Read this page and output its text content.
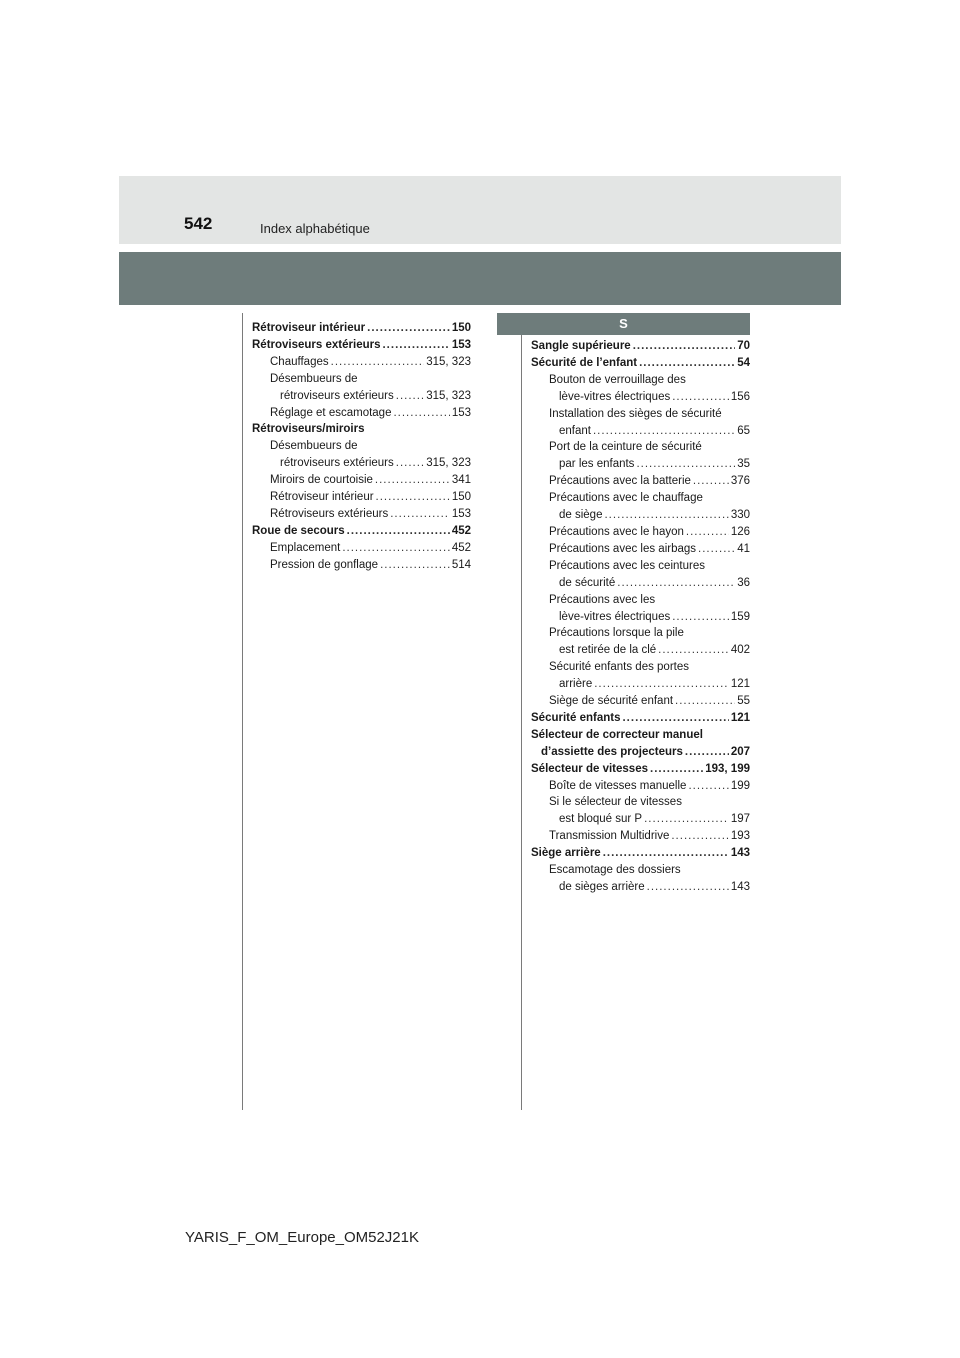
542	Index alphabétique
S
Rétroviseur intérieur .....	150
Rétroviseurs extérieurs .....	153
Chauffages .....	315, 323
Désembueurs de
rétroviseurs extérieurs .....	315, 323
Réglage et escamotage .....	153
Rétroviseurs/miroirs
Désembueurs de
rétroviseurs extérieurs .....	315, 323
Miroirs de courtoisie .....	341
Rétroviseur intérieur .....	150
Rétroviseurs extérieurs .....	153
Roue de secours .....	452
Emplacement .....	452
Pression de gonflage .....	514
Sangle supérieure .....	70
Sécurité de l’enfant .....	54
Bouton de verrouillage des
lève-vitres électriques .....	156
Installation des sièges de sécurité
enfant .....	65
Port de la ceinture de sécurité
par les enfants .....	35
Précautions avec la batterie .....	376
Précautions avec le chauffage
de siège .....	330
Précautions avec le hayon .....	126
Précautions avec les airbags .....	41
Précautions avec les ceintures
de sécurité .....	36
Précautions avec les
lève-vitres électriques .....	159
Précautions lorsque la pile
est retirée de la clé .....	402
Sécurité enfants des portes
arrière .....	121
Siège de sécurité enfant .....	55
Sécurité enfants .....	121
Sélecteur de correcteur manuel
d’assiette des projecteurs .....	207
Sélecteur de vitesses .....	193, 199
Boîte de vitesses manuelle .....	199
Si le sélecteur de vitesses
est bloqué sur P .....	197
Transmission Multidrive .....	193
Siège arrière .....	143
Escamotage des dossiers
de sièges arrière .....	143
YARIS_F_OM_Europe_OM52J21K
